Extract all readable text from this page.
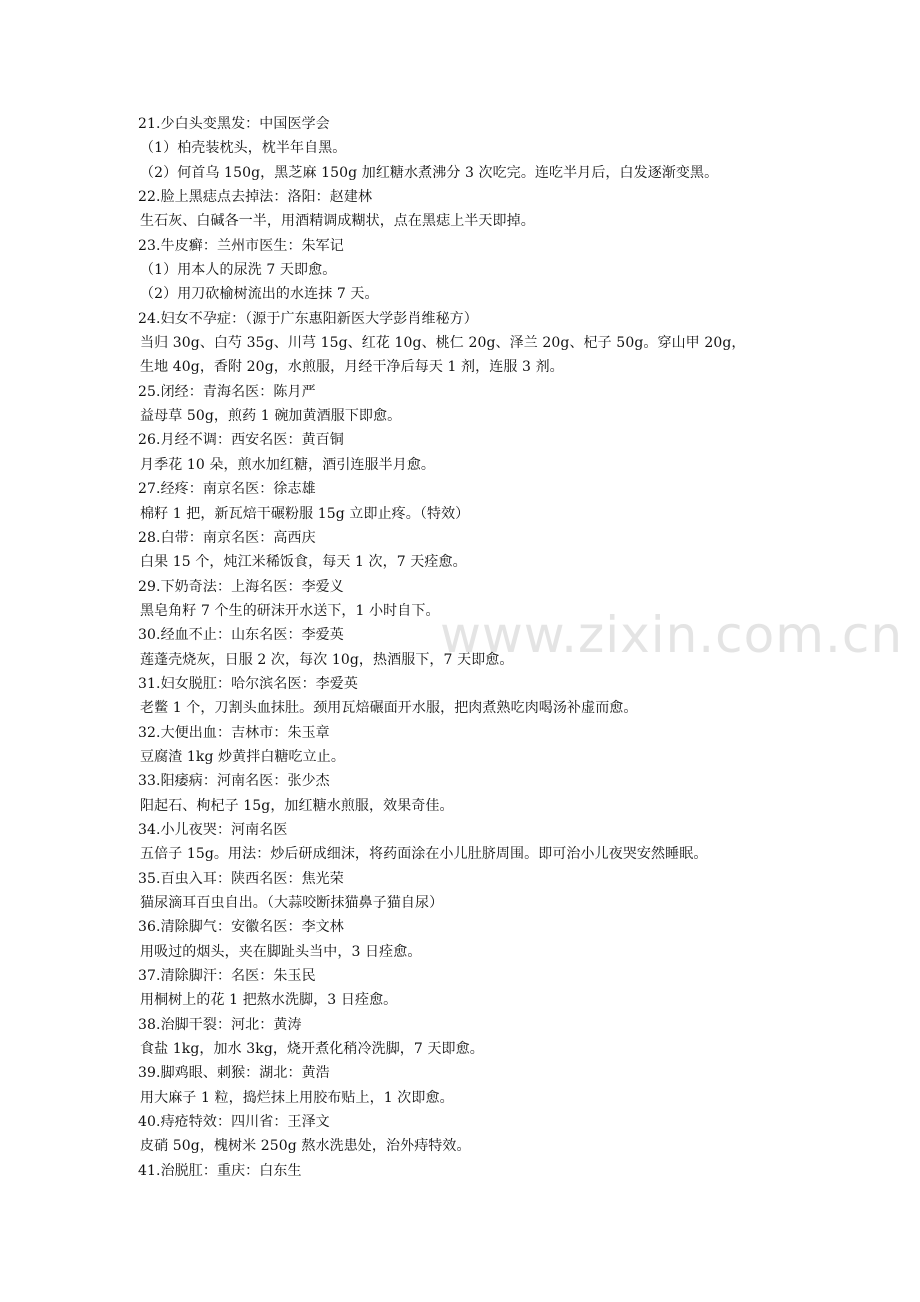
www.zixin.com.cn
21.少白头变黑发：中国医学会
（1）柏壳装枕头，枕半年自黑。
（2）何首乌 150g，黑芝麻 150g 加红糖水煮沸分 3 次吃完。连吃半月后，白发逐渐变黑。
22.脸上黑痣点去掉法：洛阳：赵建林
生石灰、白碱各一半，用酒精调成糊状，点在黑痣上半天即掉。
23.牛皮癣：兰州市医生：朱军记
（1）用本人的尿洗 7 天即愈。
（2）用刀砍榆树流出的水连抹 7 天。
24.妇女不孕症：（源于广东惠阳新医大学彭肖维秘方）
当归 30g、白芍 35g、川芎 15g、红花 10g、桃仁 20g、泽兰 20g、杞子 50g。穿山甲 20g，
生地 40g，香附 20g，水煎服，月经干净后每天 1 剂，连服 3 剂。
25.闭经：青海名医：陈月严
益母草 50g，煎药 1 碗加黄酒服下即愈。
26.月经不调：西安名医：黄百铜
月季花 10 朵，煎水加红糖，酒引连服半月愈。
27.经疼：南京名医：徐志雄
棉籽 1 把，新瓦焙干碾粉服 15g 立即止疼。（特效）
28.白带：南京名医：高西庆
白果 15 个，炖江米稀饭食，每天 1 次，7 天痊愈。
29.下奶奇法：上海名医：李爱义
黑皂角籽 7 个生的研沫开水送下，1 小时自下。
30.经血不止：山东名医：李爱英
莲蓬壳烧灰，日服 2 次，每次 10g，热酒服下，7 天即愈。
31.妇女脱肛：哈尔滨名医：李爱英
老鳖 1 个，刀割头血抹肚。颈用瓦焙碾面开水服，把肉煮熟吃肉喝汤补虚而愈。
32.大便出血：吉林市：朱玉章
豆腐渣 1kg 炒黄拌白糖吃立止。
33.阳痿病：河南名医：张少杰
阳起石、枸杞子 15g，加红糖水煎服，效果奇佳。
34.小儿夜哭：河南名医
五倍子 15g。用法：炒后研成细沫，将药面涂在小儿肚脐周围。即可治小儿夜哭安然睡眠。
35.百虫入耳：陕西名医：焦光荣
猫尿滴耳百虫自出。（大蒜咬断抹猫鼻子猫自尿）
36.清除脚气：安徽名医：李文林
用吸过的烟头，夹在脚趾头当中，3 日痊愈。
37.清除脚汗：名医：朱玉民
用桐树上的花 1 把熬水洗脚，3 日痊愈。
38.治脚干裂：河北：黄涛
食盐 1kg，加水 3kg，烧开煮化稍冷洗脚，7 天即愈。
39.脚鸡眼、刺猴：湖北：黄浩
用大麻子 1 粒，捣烂抹上用胶布贴上，1 次即愈。
40.痔疮特效：四川省：王泽文
皮硝 50g，槐树米 250g 熬水洗患处，治外痔特效。
41.治脱肛：重庆：白东生
